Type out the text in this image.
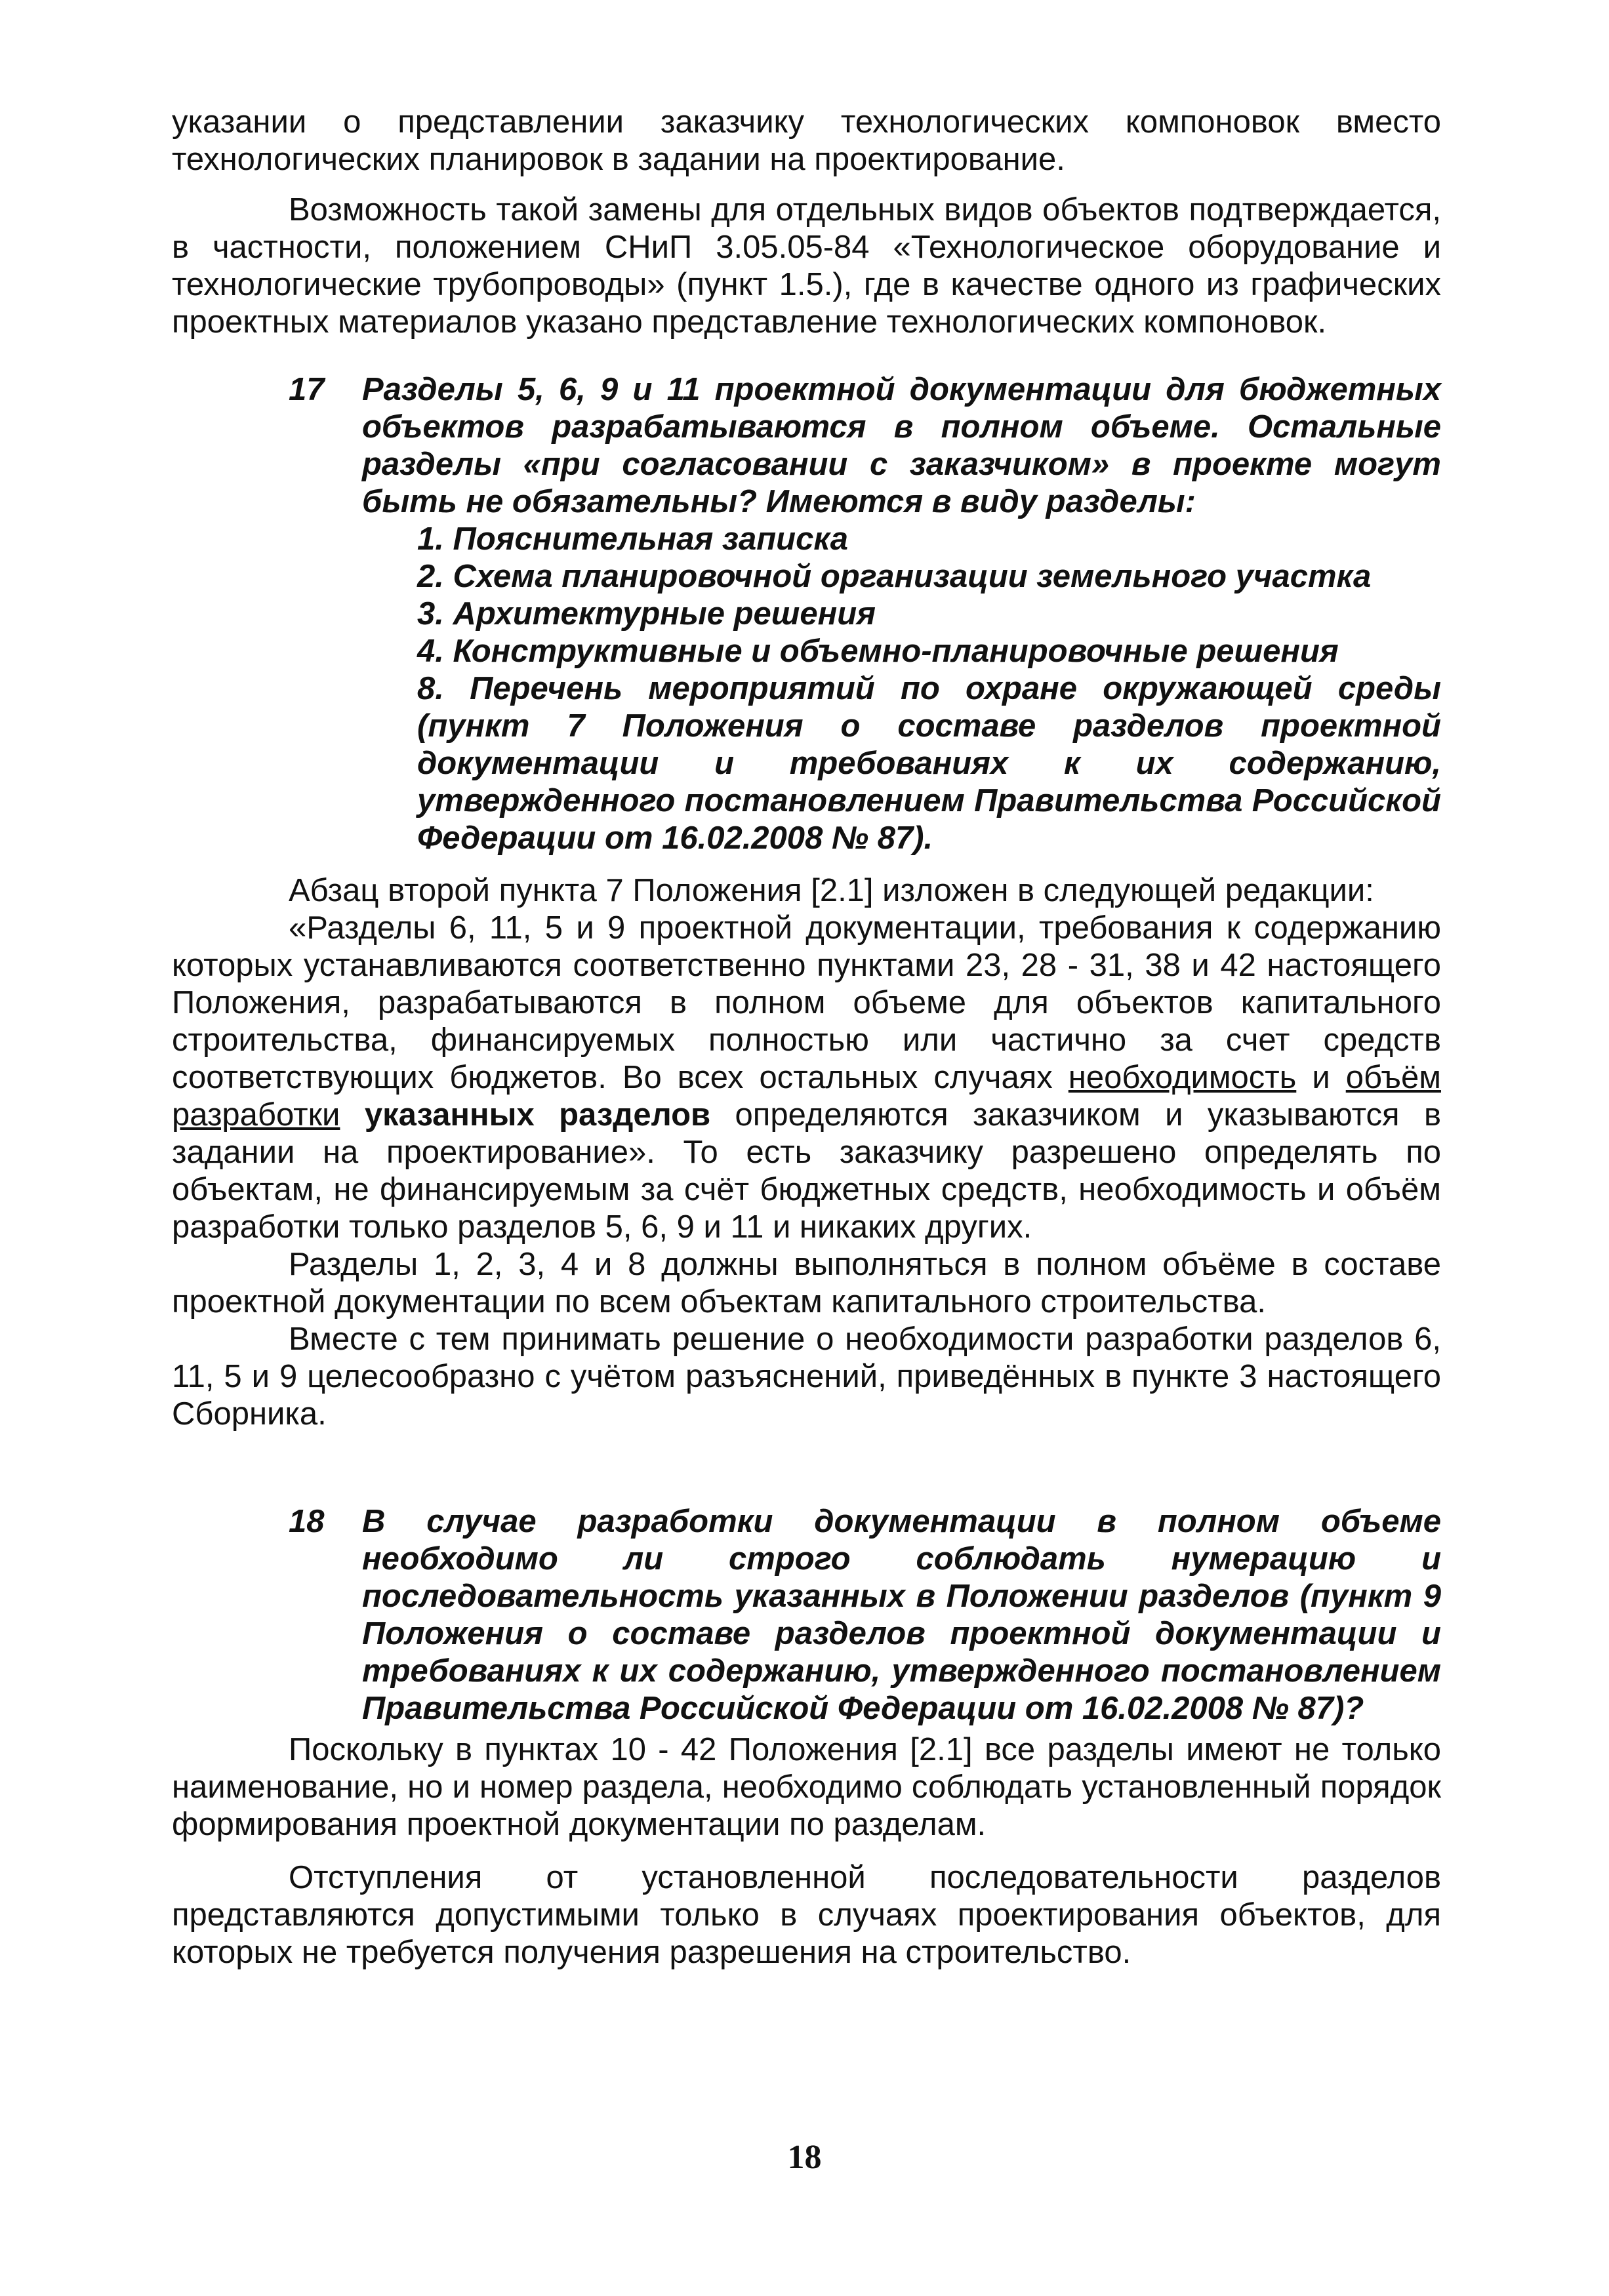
указании о представлении заказчику технологических компоновок вместо технологических планировок в задании на проектирование.

Возможность такой замены для отдельных видов объектов подтверждается, в частности, положением СНиП 3.05.05-84 «Технологическое оборудование и технологические трубопроводы» (пункт 1.5.), где в качестве одного из графических проектных материалов указано представление технологических компоновок.

17	Разделы 5, 6, 9 и 11 проектной документации для бюджетных объектов разрабатываются в полном объеме. Остальные разделы «при согласовании с заказчиком» в проекте могут быть не обязательны? Имеются в виду разделы:
1. Пояснительная записка
2. Схема планировочной организации земельного участка
3. Архитектурные решения
4. Конструктивные и объемно-планировочные решения
8. Перечень мероприятий по охране окружающей среды (пункт 7 Положения о составе разделов проектной документации и требованиях к их содержанию, утвержденного постановлением Правительства Российской Федерации от 16.02.2008 № 87).

Абзац второй пункта 7 Положения [2.1] изложен в следующей редакции:

«Разделы 6, 11, 5 и 9 проектной документации, требования к содержанию которых устанавливаются соответственно пунктами 23, 28 - 31, 38 и 42 настоящего Положения, разрабатываются в полном объеме для объектов капитального строительства, финансируемых полностью или частично за счет средств соответствующих бюджетов. Во всех остальных случаях необходимость и объём разработки указанных разделов определяются заказчиком и указываются в задании на проектирование». То есть заказчику разрешено определять по объектам, не финансируемым за счёт бюджетных средств, необходимость и объём разработки только разделов 5, 6, 9 и 11 и никаких других.

Разделы 1, 2, 3, 4 и 8 должны выполняться в полном объёме в составе проектной документации по всем объектам капитального строительства.

Вместе с тем принимать решение о необходимости разработки разделов 6, 11, 5 и 9 целесообразно с учётом разъяснений, приведённых в пункте 3 настоящего Сборника.

18	В случае разработки документации в полном объеме необходимо ли строго соблюдать нумерацию и последовательность указанных в Положении разделов (пункт 9 Положения о составе разделов проектной документации и требованиях к их содержанию, утвержденного постановлением Правительства Российской Федерации от 16.02.2008 № 87)?

Поскольку в пунктах 10 - 42 Положения [2.1] все разделы имеют не только наименование, но и номер раздела, необходимо соблюдать установленный порядок формирования проектной документации по разделам.

Отступления от установленной последовательности разделов представляются допустимыми только в случаях проектирования объектов, для которых не требуется получения разрешения на строительство.

18
